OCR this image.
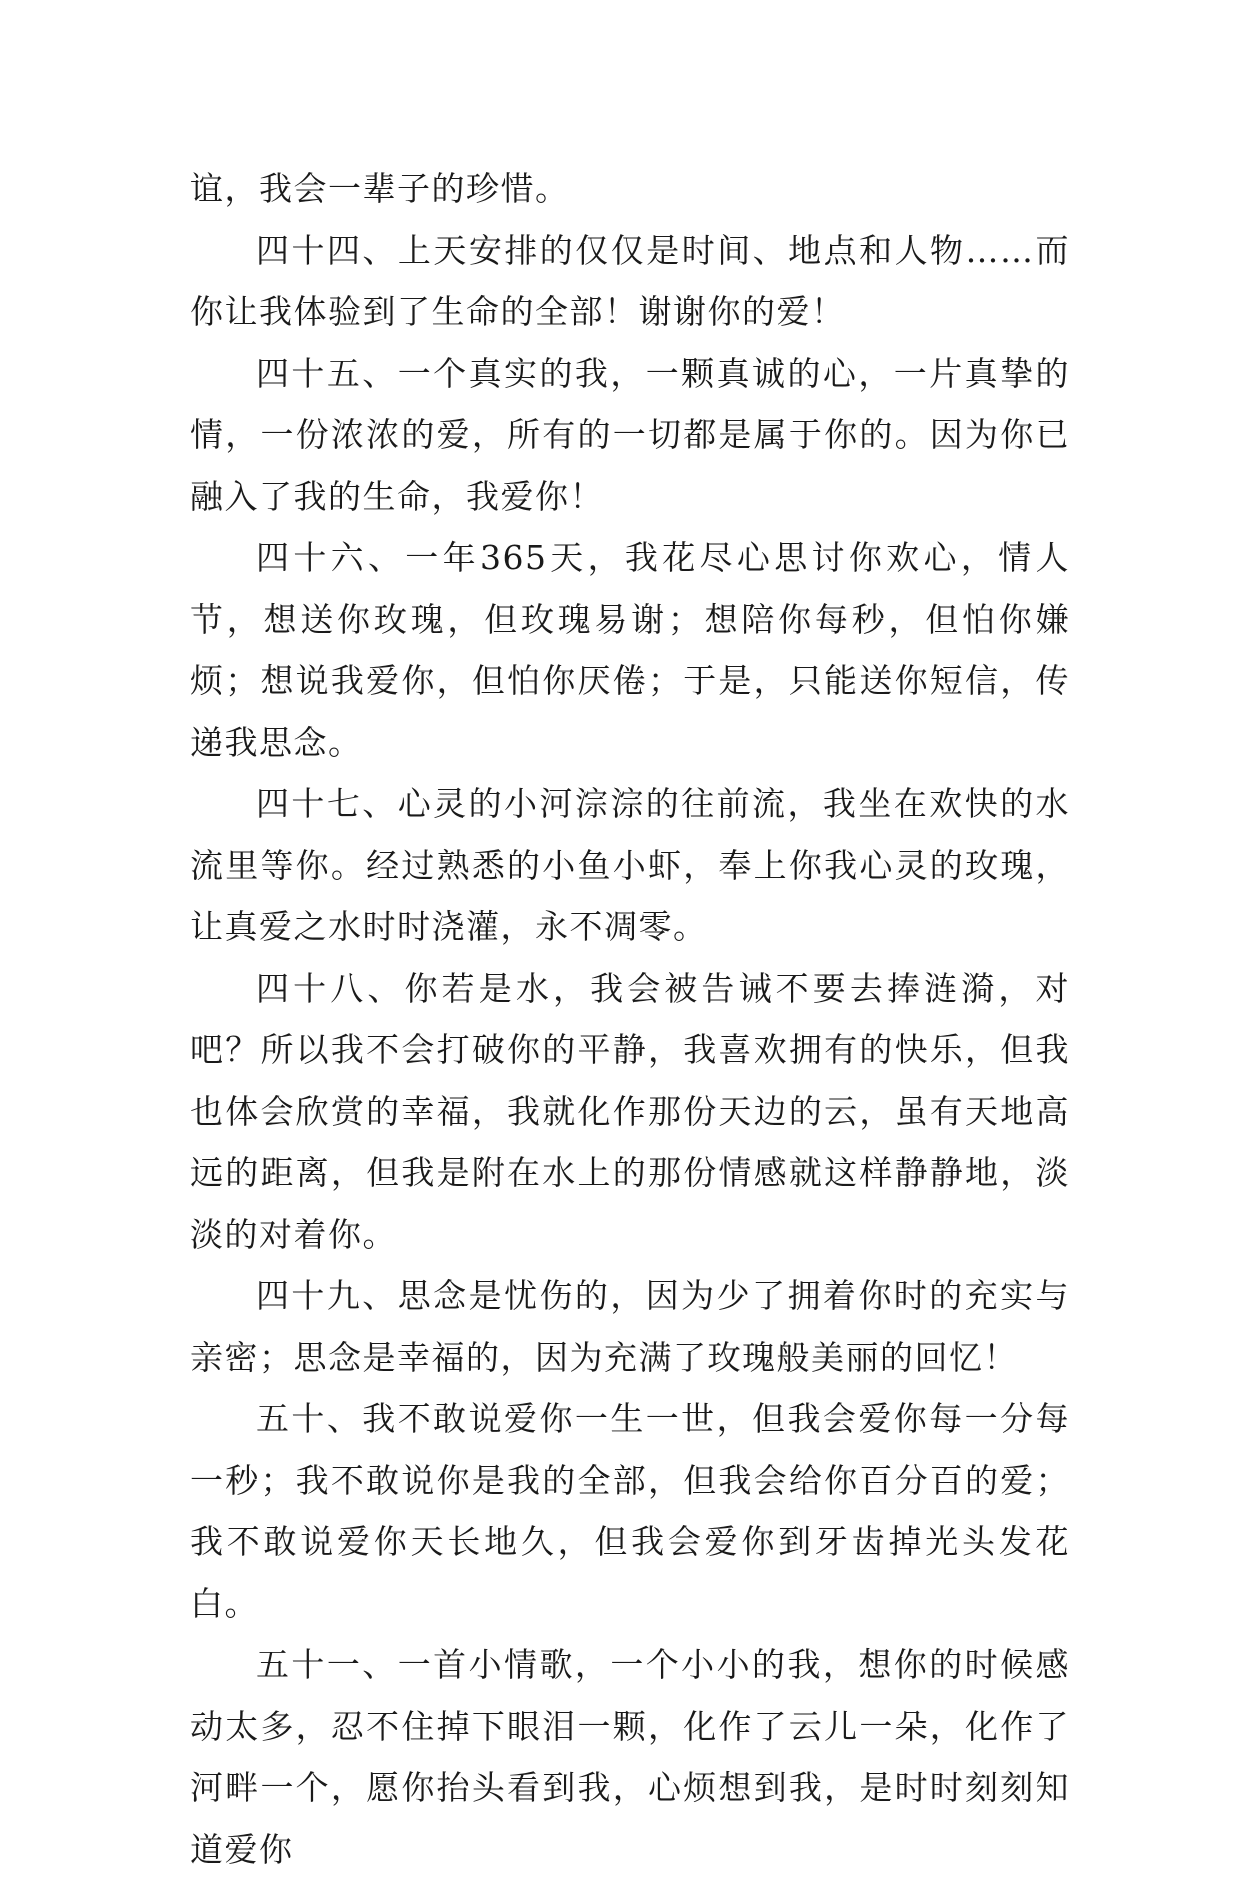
谊，我会一辈子的珍惜。

四十四、上天安排的仅仅是时间、地点和人物……而你让我体验到了生命的全部！谢谢你的爱！

四十五、一个真实的我，一颗真诚的心，一片真挚的情，一份浓浓的爱，所有的一切都是属于你的。因为你已融入了我的生命，我爱你！

四十六、一年365天，我花尽心思讨你欢心，情人节，想送你玫瑰，但玫瑰易谢；想陪你每秒，但怕你嫌烦；想说我爱你，但怕你厌倦；于是，只能送你短信，传递我思念。

四十七、心灵的小河淙淙的往前流，我坐在欢快的水流里等你。经过熟悉的小鱼小虾，奉上你我心灵的玫瑰，让真爱之水时时浇灌，永不凋零。

四十八、你若是水，我会被告诫不要去捧涟漪，对吧？所以我不会打破你的平静，我喜欢拥有的快乐，但我也体会欣赏的幸福，我就化作那份天边的云，虽有天地高远的距离，但我是附在水上的那份情感就这样静静地，淡淡的对着你。

四十九、思念是忧伤的，因为少了拥着你时的充实与亲密；思念是幸福的，因为充满了玫瑰般美丽的回忆！

五十、我不敢说爱你一生一世，但我会爱你每一分每一秒；我不敢说你是我的全部，但我会给你百分百的爱；我不敢说爱你天长地久，但我会爱你到牙齿掉光头发花白。

五十一、一首小情歌，一个小小的我，想你的时候感动太多，忍不住掉下眼泪一颗，化作了云儿一朵，化作了河畔一个，愿你抬头看到我，心烦想到我，是时时刻刻知道爱你
